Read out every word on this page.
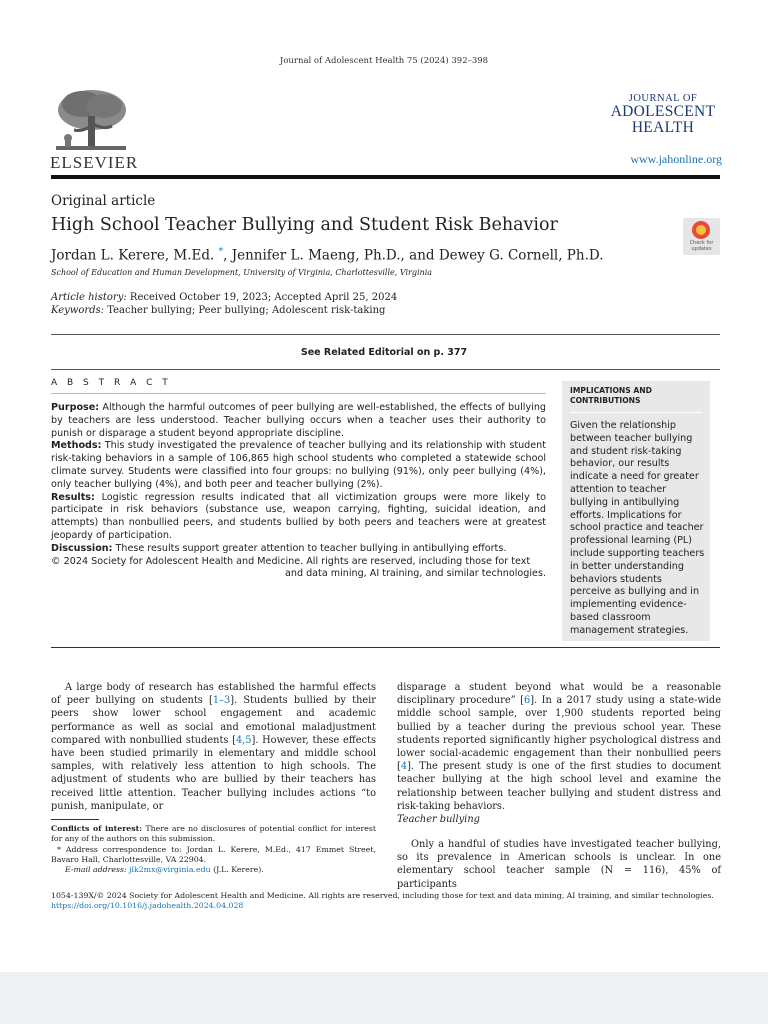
Journal of Adolescent Health 75 (2024) 392–398
ELSEVIER
JOURNAL OF
ADOLESCENT
HEALTH
www.jahonline.org
Original article
High School Teacher Bullying and Student Risk Behavior
Check for updates
Jordan L. Kerere, M.Ed. *, Jennifer L. Maeng, Ph.D., and Dewey G. Cornell, Ph.D.
School of Education and Human Development, University of Virginia, Charlottesville, Virginia
Article history: Received October 19, 2023; Accepted April 25, 2024
Keywords: Teacher bullying; Peer bullying; Adolescent risk-taking
See Related Editorial on p. 377
A B S T R A C T

Purpose: Although the harmful outcomes of peer bullying are well-established, the effects of bullying by teachers are less understood. Teacher bullying occurs when a teacher uses their authority to punish or disparage a student beyond appropriate discipline.

Methods: This study investigated the prevalence of teacher bullying and its relationship with student risk-taking behaviors in a sample of 106,865 high school students who completed a statewide school climate survey. Students were classified into four groups: no bullying (91%), only peer bullying (4%), only teacher bullying (4%), and both peer and teacher bullying (2%).

Results: Logistic regression results indicated that all victimization groups were more likely to participate in risk behaviors (substance use, weapon carrying, fighting, suicidal ideation, and attempts) than nonbullied peers, and students bullied by both peers and teachers were at greatest jeopardy of participation.

Discussion: These results support greater attention to teacher bullying in antibullying efforts.

© 2024 Society for Adolescent Health and Medicine. All rights are reserved, including those for text

and data mining, AI training, and similar technologies.

IMPLICATIONS AND CONTRIBUTIONS
Given the relationship between teacher bullying and student risk-taking behavior, our results indicate a need for greater attention to teacher bullying in antibullying efforts. Implications for school practice and teacher professional learning (PL) include supporting teachers in better understanding behaviors students perceive as bullying and in implementing evidence-based classroom management strategies.

A large body of research has established the harmful effects of peer bullying on students [1–3]. Students bullied by their peers show lower school engagement and academic performance as well as social and emotional maladjustment compared with nonbullied students [4,5]. However, these effects have been studied primarily in elementary and middle school samples, with relatively less attention to high schools. The adjustment of students who are bullied by their teachers has received little attention. Teacher bullying includes actions “to punish, manipulate, or

Conflicts of interest: There are no disclosures of potential conflict for interest for any of the authors on this submission.

* Address correspondence to: Jordan L. Kerere, M.Ed., 417 Emmet Street, Bavaro Hall, Charlottesville, VA 22904.

E-mail address: jlk2mx@virginia.edu (J.L. Kerere).

disparage a student beyond what would be a reasonable disciplinary procedure” [6]. In a 2017 study using a state-wide middle school sample, over 1,900 students reported being bullied by a teacher during the previous school year. These students reported significantly higher psychological distress and lower social-academic engagement than their nonbullied peers [4]. The present study is one of the first studies to document teacher bullying at the high school level and examine the relationship between teacher bullying and student distress and risk-taking behaviors.

Teacher bullying

Only a handful of studies have investigated teacher bullying, so its prevalence in American schools is unclear. In one elementary school teacher sample (N = 116), 45% of participants

1054-139X/© 2024 Society for Adolescent Health and Medicine. All rights are reserved, including those for text and data mining, AI training, and similar technologies.
https://doi.org/10.1016/j.jadohealth.2024.04.028
